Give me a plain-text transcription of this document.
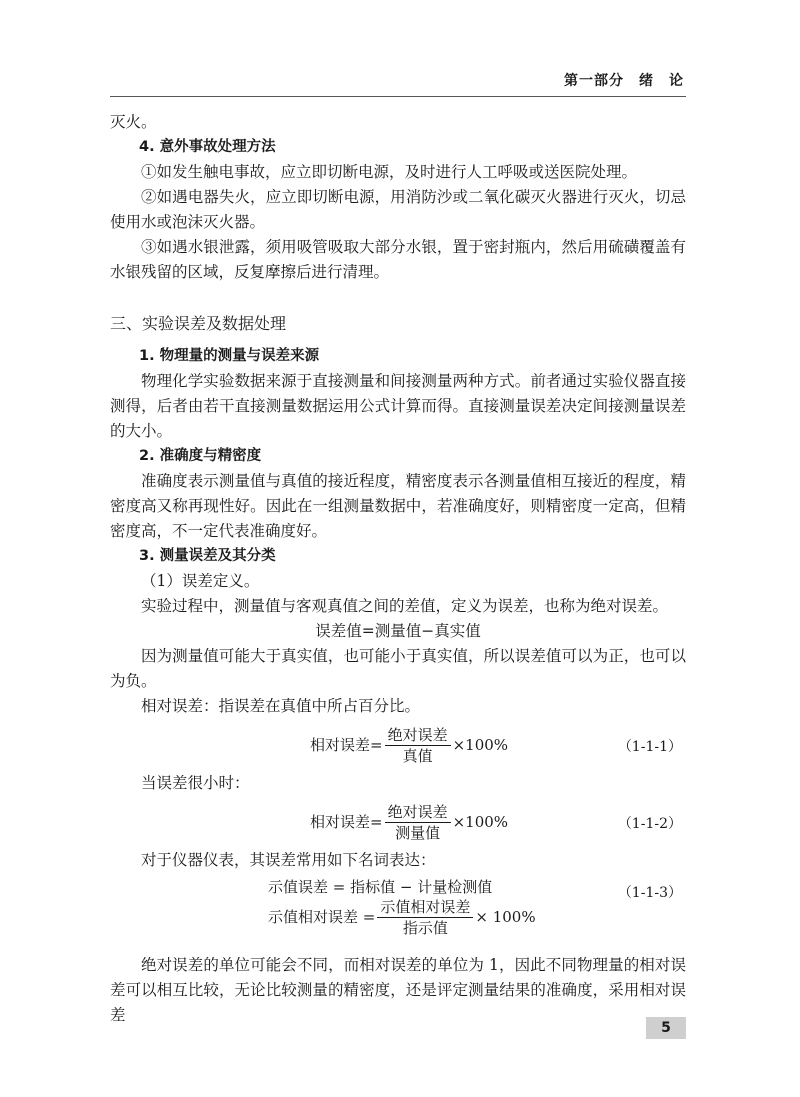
第一部分　绪　论

灭火。

4. 意外事故处理方法

①如发生触电事故，应立即切断电源，及时进行人工呼吸或送医院处理。

②如遇电器失火，应立即切断电源，用消防沙或二氧化碳灭火器进行灭火，切忌使用水或泡沫灭火器。

③如遇水银泄露，须用吸管吸取大部分水银，置于密封瓶内，然后用硫磺覆盖有水银残留的区域，反复摩擦后进行清理。

三、实验误差及数据处理

1. 物理量的测量与误差来源

物理化学实验数据来源于直接测量和间接测量两种方式。前者通过实验仪器直接测得，后者由若干直接测量数据运用公式计算而得。直接测量误差决定间接测量误差的大小。

2. 准确度与精密度

准确度表示测量值与真值的接近程度，精密度表示各测量值相互接近的程度，精密度高又称再现性好。因此在一组测量数据中，若准确度好，则精密度一定高，但精密度高，不一定代表准确度好。

3. 测量误差及其分类

（1）误差定义。

实验过程中，测量值与客观真值之间的差值，定义为误差，也称为绝对误差。

误差值=测量值−真实值

因为测量值可能大于真实值，也可能小于真实值，所以误差值可以为正，也可以为负。

相对误差：指误差在真值中所占百分比。

相对误差= $\frac{\text{绝对误差}}{\text{真值}} \times 100\%$	（1-1-1）

当误差很小时：

相对误差= $\frac{\text{绝对误差}}{\text{测量值}} \times 100\%$	（1-1-2）

对于仪器仪表，其误差常用如下名词表达：

示值误差 = 指标值 − 计量检测值
示值相对误差 = $\frac{\text{示值相对误差}}{\text{指示值}} \times 100\%$
（1-1-3）

绝对误差的单位可能会不同，而相对误差的单位为 1，因此不同物理量的相对误差可以相互比较，无论比较测量的精密度，还是评定测量结果的准确度，采用相对误差

5
